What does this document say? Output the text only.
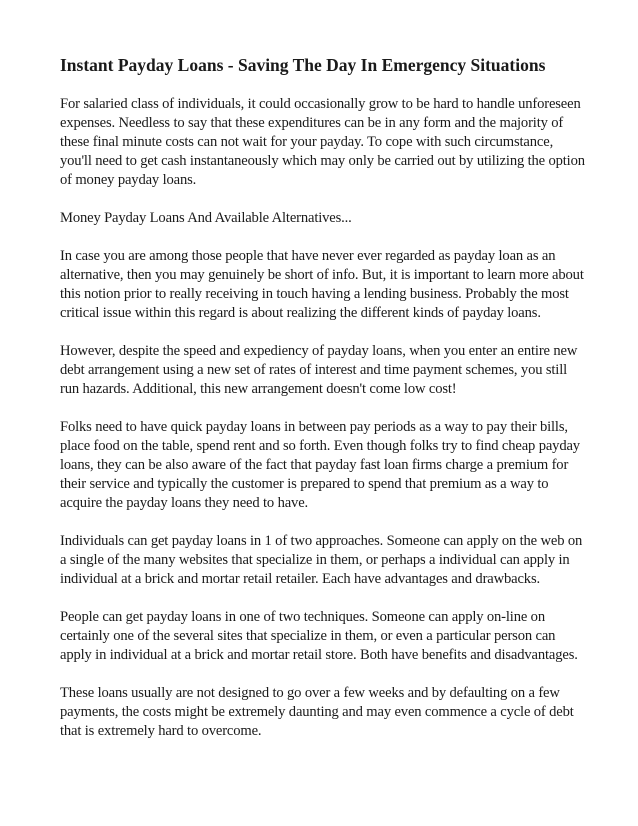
Instant Payday Loans - Saving The Day In Emergency Situations

For salaried class of individuals, it could occasionally grow to be hard to handle unforeseen expenses. Needless to say that these expenditures can be in any form and the majority of these final minute costs can not wait for your payday. To cope with such circumstance, you'll need to get cash instantaneously which may only be carried out by utilizing the option of money payday loans.

Money Payday Loans And Available Alternatives...

In case you are among those people that have never ever regarded as payday loan as an alternative, then you may genuinely be short of info. But, it is important to learn more about this notion prior to really receiving in touch having a lending business. Probably the most critical issue within this regard is about realizing the different kinds of payday loans.

However, despite the speed and expediency of payday loans, when you enter an entire new debt arrangement using a new set of rates of interest and time payment schemes, you still run hazards. Additional, this new arrangement doesn't come low cost!

Folks need to have quick payday loans in between pay periods as a way to pay their bills, place food on the table, spend rent and so forth. Even though folks try to find cheap payday loans, they can be also aware of the fact that payday fast loan firms charge a premium for their service and typically the customer is prepared to spend that premium as a way to acquire the payday loans they need to have.

Individuals can get payday loans in 1 of two approaches. Someone can apply on the web on a single of the many websites that specialize in them, or perhaps a individual can apply in individual at a brick and mortar retail retailer. Each have advantages and drawbacks.

People can get payday loans in one of two techniques. Someone can apply on-line on certainly one of the several sites that specialize in them, or even a particular person can apply in individual at a brick and mortar retail store. Both have benefits and disadvantages.

These loans usually are not designed to go over a few weeks and by defaulting on a few payments, the costs might be extremely daunting and may even commence a cycle of debt that is extremely hard to overcome.
